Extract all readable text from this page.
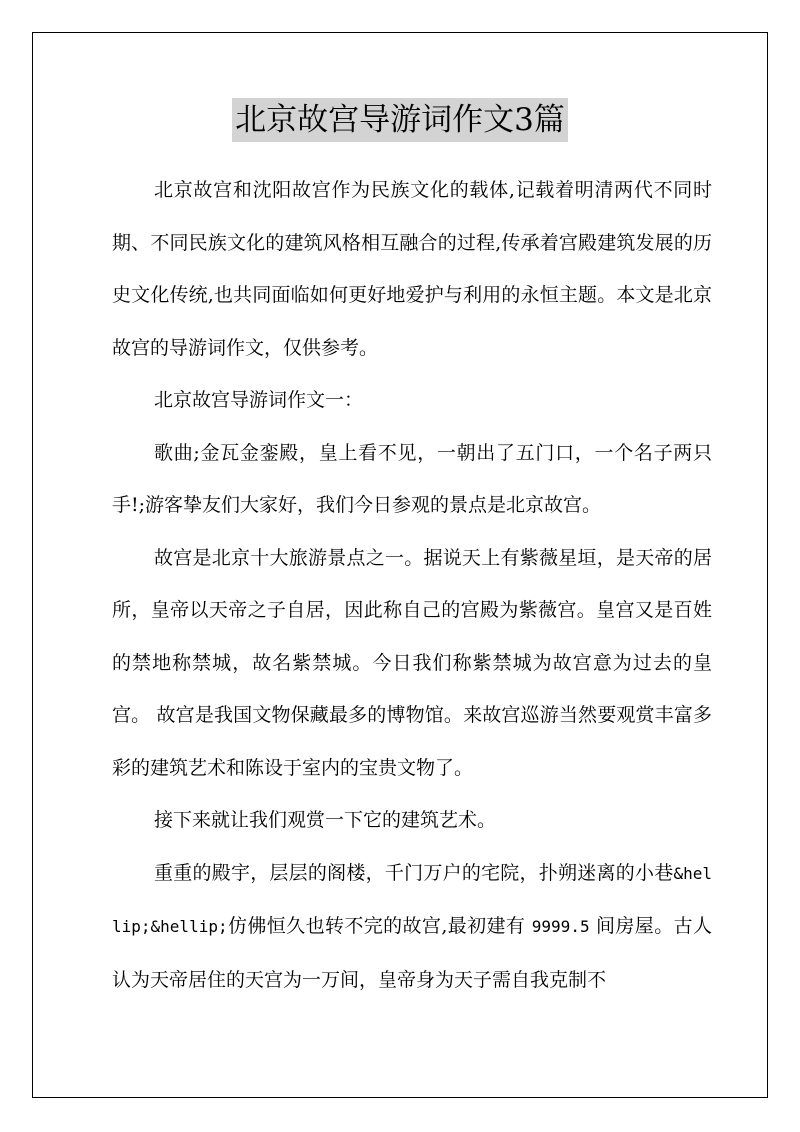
北京故宫导游词作文3篇

北京故宫和沈阳故宫作为民族文化的载体,记载着明清两代不同时期、不同民族文化的建筑风格相互融合的过程,传承着宫殿建筑发展的历史文化传统,也共同面临如何更好地爱护与利用的永恒主题。本文是北京故宫的导游词作文，仅供参考。

北京故宫导游词作文一：

歌曲;金瓦金銮殿，皇上看不见，一朝出了五门口，一个名子两只手!;游客挚友们大家好，我们今日参观的景点是北京故宫。

故宫是北京十大旅游景点之一。据说天上有紫薇星垣，是天帝的居所，皇帝以天帝之子自居，因此称自己的宫殿为紫薇宫。皇宫又是百姓的禁地称禁城，故名紫禁城。今日我们称紫禁城为故宫意为过去的皇宫。 故宫是我国文物保藏最多的博物馆。来故宫巡游当然要观赏丰富多彩的建筑艺术和陈设于室内的宝贵文物了。

接下来就让我们观赏一下它的建筑艺术。

重重的殿宇，层层的阁楼，千门万户的宅院，扑朔迷离的小巷&hellip;&hellip;仿佛恒久也转不完的故宫,最初建有 9999.5 间房屋。古人认为天帝居住的天宫为一万间，皇帝身为天子需自我克制不
